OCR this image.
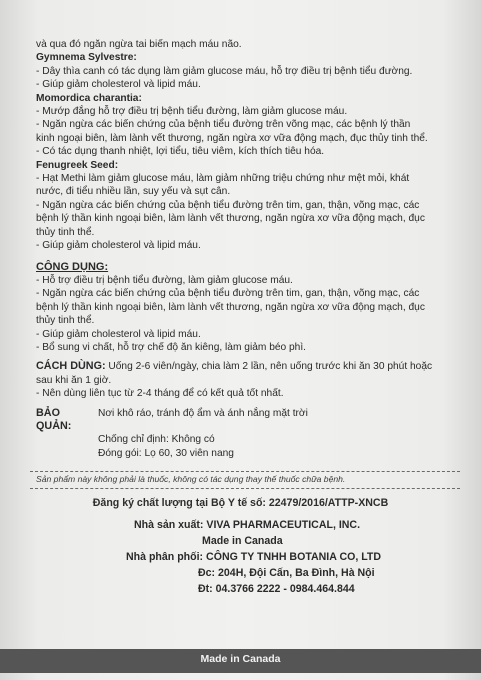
và qua đó ngăn ngừa tai biến mạch máu não.
Gymnema Sylvestre:
- Dây thìa canh có tác dụng làm giảm glucose máu, hỗ trợ điều trị bệnh tiểu đường.
- Giúp giảm cholesterol và lipid máu.
Momordica charantia:
- Mướp đắng hỗ trợ điều trị bệnh tiểu đường, làm giảm glucose máu.
- Ngăn ngừa các biến chứng của bệnh tiểu đường trên võng mạc, các bệnh lý thần
kinh ngoại biên, làm lành vết thương, ngăn ngừa xơ vữa động mạch, đục thủy tinh thể.
- Có tác dụng thanh nhiệt, lợi tiểu, tiêu viêm, kích thích tiêu hóa.
Fenugreek Seed:
- Hạt Methi làm giảm glucose máu, làm giảm những triệu chứng như mệt mỏi, khát
nước, đi tiểu nhiều lần, suy yếu và sụt cân.
- Ngăn ngừa các biến chứng của bệnh tiểu đường trên tim, gan, thận, võng mạc, các
bệnh lý thần kinh ngoại biên, làm lành vết thương, ngăn ngừa xơ vữa động mạch, đục
thủy tinh thể.
- Giúp giảm cholesterol và lipid máu.
CÔNG DỤNG:
- Hỗ trợ điều trị bệnh tiểu đường, làm giảm glucose máu.
- Ngăn ngừa các biến chứng của bệnh tiểu đường trên tim, gan, thận, võng mạc, các
bệnh lý thần kinh ngoại biên, làm lành vết thương, ngăn ngừa xơ vữa động mạch, đục
thủy tinh thể.
- Giúp giảm cholesterol và lipid máu.
- Bổ sung vi chất, hỗ trợ chế độ ăn kiêng, làm giảm béo phì.
CÁCH DÙNG: Uống 2-6 viên/ngày, chia làm 2 lần, nên uống trước khi ăn 30 phút hoặc
sau khi ăn 1 giờ.
- Nên dùng liên tục từ 2-4 tháng để có kết quả tốt nhất.
BẢO QUẢN:
Nơi khô ráo, tránh độ ẩm và ánh nắng mặt trời
Chống chỉ định: Không có
Đóng gói: Lọ 60, 30 viên nang
Sản phẩm này không phải là thuốc, không có tác dụng thay thế thuốc chữa bệnh.
Đăng ký chất lượng tại Bộ Y tế số: 22479/2016/ATTP-XNCB
Nhà sản xuất: VIVA PHARMACEUTICAL, INC.
Made in Canada
Nhà phân phối: CÔNG TY TNHH BOTANIA CO, LTD
Đc: 204H, Đội Cấn, Ba Đình, Hà Nội
Đt: 04.3766 2222 - 0984.464.844
Made in Canada
